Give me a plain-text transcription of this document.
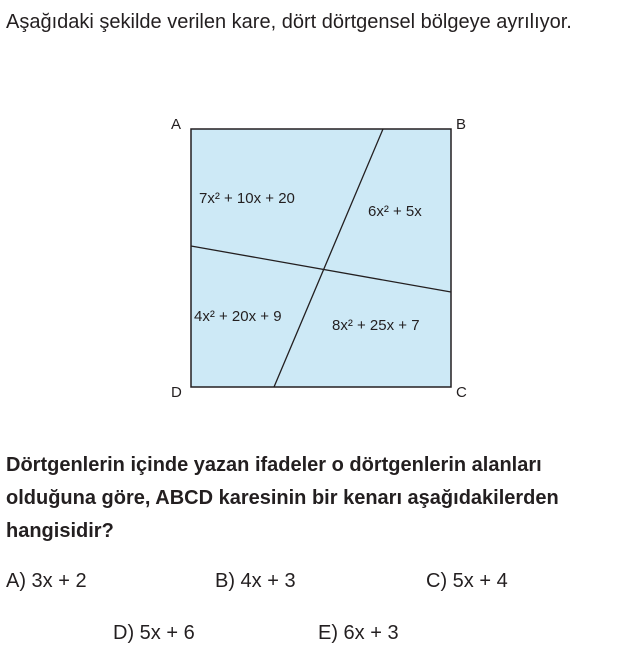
Aşağıdaki şekilde verilen kare, dört dörtgensel bölgeye ayrılıyor.

A	B
C
D
7x² + 10x + 20
6x² + 5x
4x² + 20x + 9
8x² + 25x + 7

Dörtgenlerin içinde yazan ifadeler o dörtgenlerin alanları olduğuna göre, ABCD karesinin bir kenarı aşağıdakilerden hangisidir?

A) 3x + 2	B) 4x + 3	C) 5x + 4
D) 5x + 6	E) 6x + 3
